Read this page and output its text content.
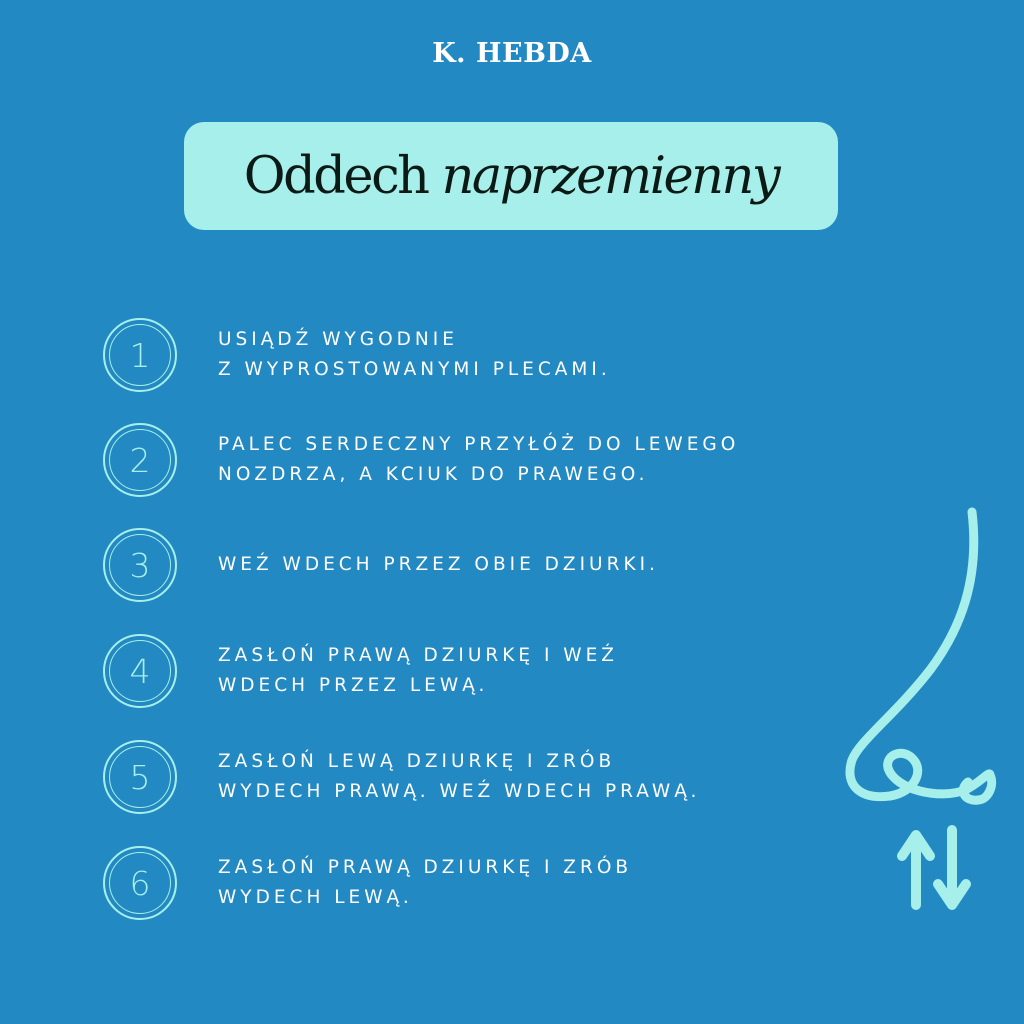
K. HEBDA
Oddech naprzemienny
1	USIĄDŹ WYGODNIE
Z WYPROSTOWANYMI PLECAMI.
2	PALEC SERDECZNY PRZYŁÓŻ DO LEWEGO
NOZDRZA, A KCIUK DO PRAWEGO.
3	WEŹ WDECH PRZEZ OBIE DZIURKI.
4	ZASŁOŃ PRAWĄ DZIURKĘ I WEŹ
WDECH PRZEZ LEWĄ.
5	ZASŁOŃ LEWĄ DZIURKĘ I ZRÓB
WYDECH PRAWĄ. WEŹ WDECH PRAWĄ.
6	ZASŁOŃ PRAWĄ DZIURKĘ I ZRÓB
WYDECH LEWĄ.
